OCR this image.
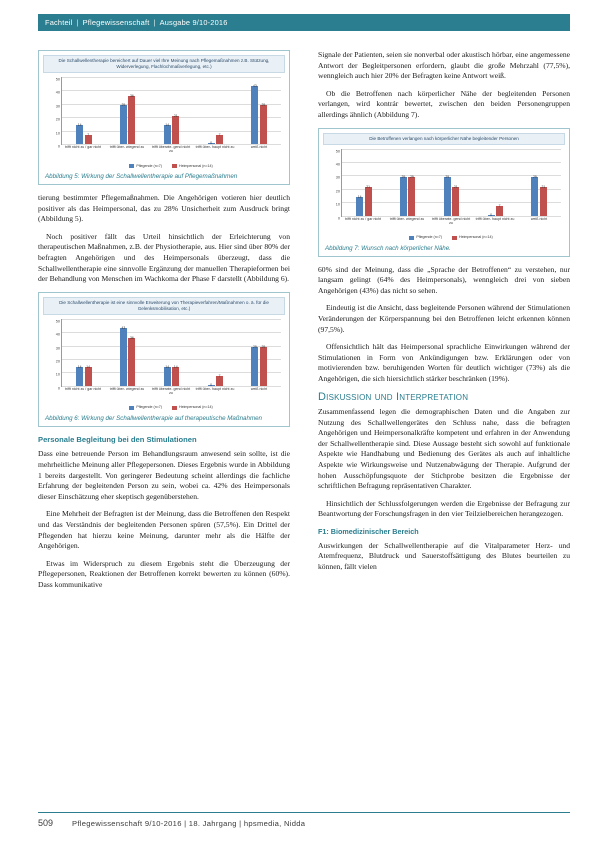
Fachteil | Pflegewissenschaft | Ausgabe 9/10-2016
Die Schallwellentherapie bereichert auf Dauer viel Ihre Meinung nach Pflegemaßnahmen z.B. Stützung, Widerverlegung, Flachlochmaßverlegung, etc.)
0
10
20
30
40
50
14
7
29
36
14
21
0
7
43
29
trifft nicht zu / gar nicht	trifft über- wiegend zu	trifft überwie- gend nicht zu
trifft über- haupt nicht zu	weiß nicht
Pflegende (n=7)	Heimpersonal (n=14)
Abbildung 5: Wirkung der Schallwellentherapie auf Pflegemaßnahmen

tierung bestimmter Pflegemaßnahmen. Die Angehörigen votieren hier deutlich positiver als das Heimpersonal, das zu 28% Unsicherheit zum Ausdruck bringt (Abbildung 5).

Noch positiver fällt das Urteil hinsichtlich der Erleichterung von therapeutischen Maßnahmen, z.B. der Physiotherapie, aus. Hier sind über 80% der befragten Angehörigen und des Heimpersonals überzeugt, dass die Schallwellentherapie eine sinnvolle Ergänzung der manuellen Therapieformen bei der Behandlung von Menschen im Wachkoma der Phase F darstellt (Abbildung 6).

Die Schallwellentherapie ist eine sinnvolle Erweiterung von Therapieverfahren/Maßnahmen o. ä. für die Gelenksmobilisation, etc.)
0
10
20
30
40
50
14 14
43
36
14 14
0
7
29 29
trifft nicht zu / gar nicht	trifft über- wiegend zu	trifft überwie- gend nicht zu
trifft über- haupt nicht zu	weiß nicht
Pflegende (n=7)	Heimpersonal (n=14)
Abbildung 6: Wirkung der Schallwellentherapie auf therapeutische Maßnahmen
Personale Begleitung bei den Stimulationen

Dass eine betreuende Person im Behandlungsraum anwesend sein sollte, ist die mehrheitliche Meinung aller Pflegepersonen. Dieses Ergebnis wurde in Abbildung 1 bereits dargestellt. Von geringerer Bedeutung scheint allerdings die fachliche Erfahrung der begleitenden Person zu sein, wobei ca. 42% des Heimpersonals dieser Einschätzung eher skeptisch gegenüberstehen.

Eine Mehrheit der Befragten ist der Meinung, dass die Betroffenen den Respekt und das Verständnis der begleitenden Personen spüren (57,5%). Ein Drittel der Pflegenden hat hierzu keine Meinung, darunter mehr als die Hälfte der Angehörigen.

Etwas im Widerspruch zu diesem Ergebnis steht die Überzeugung der Pflegepersonen, Reaktionen der Betroffenen korrekt bewerten zu können (60%). Dass kommunikative

Signale der Patienten, seien sie nonverbal oder akustisch hörbar, eine angemessene Antwort der Begleitpersonen erfordern, glaubt die große Mehrzahl (77,5%), wenngleich auch hier 20% der Befragten keine Antwort weiß.

Ob die Betroffenen nach körperlicher Nähe der begleitenden Personen verlangen, wird kontrár bewertet, zwischen den beiden Personengruppen allerdings ähnlich (Abbildung 7).

Die Betroffenen verlangen nach körperlicher Nähe begleitender Personen
0
10
20
30
40
50
14
21
29 29	29
21
0
7
29
21
trifft nicht zu / gar nicht	trifft über- wiegend zu	trifft überwie- gend nicht zu
trifft über- haupt nicht zu	weiß nicht
Pflegende (n=7)	Heimpersonal (n=14)
Abbildung 7: Wunsch nach körperlicher Nähe.

60% sind der Meinung, dass die „Sprache der Betroffenen“ zu verstehen, nur langsam gelingt (64% des Heimpersonals), wenngleich drei von sieben Angehörigen (43%) das nicht so sehen.

Eindeutig ist die Ansicht, dass begleitende Personen während der Stimulationen Veränderungen der Körperspannung bei den Betroffenen leicht erkennen können (97,5%).

Offensichtlich hält das Heimpersonal sprachliche Einwirkungen während der Stimulationen in Form von Ankündigungen bzw. Erklärungen oder von motivierenden bzw. beruhigenden Worten für deutlich wichtiger (73%) als die Angehörigen, die sich hiersichtlich stärker beschränken (19%).

Diskussion und Interpretation

Zusammenfassend legen die demographischen Daten und die Angaben zur Nutzung des Schallwellengerätes den Schluss nahe, dass die befragten Angehörigen und Heimpersonalkräfte kompetent und erfahren in der Anwendung der Schallwellentherapie sind. Diese Aussage besteht sich sowohl auf funktionale Aspekte wie Handhabung und Bedienung des Gerätes als auch auf inhaltliche Aspekte wie Wirkungsweise und Nutzenabwägung der Therapie. Aufgrund der hohen Ausschöpfungsquote der Stichprobe besitzen die Ergebnisse der schriftlichen Befragung repräsentativen Charakter.

Hinsichtlich der Schlussfolgerungen werden die Ergebnisse der Befragung zur Beantwortung der Forschungsfragen in den vier Teilzielbereichen herangezogen.

F1: Biomedizinischer Bereich

Auswirkungen der Schallwellentherapie auf die Vitalparameter Herz- und Atemfrequenz, Blutdruck und Sauerstoffsättigung des Blutes beurteilen zu können, fällt vielen

509	Pflegewissenschaft 9/10-2016 | 18. Jahrgang | hpsmedia, Nidda
